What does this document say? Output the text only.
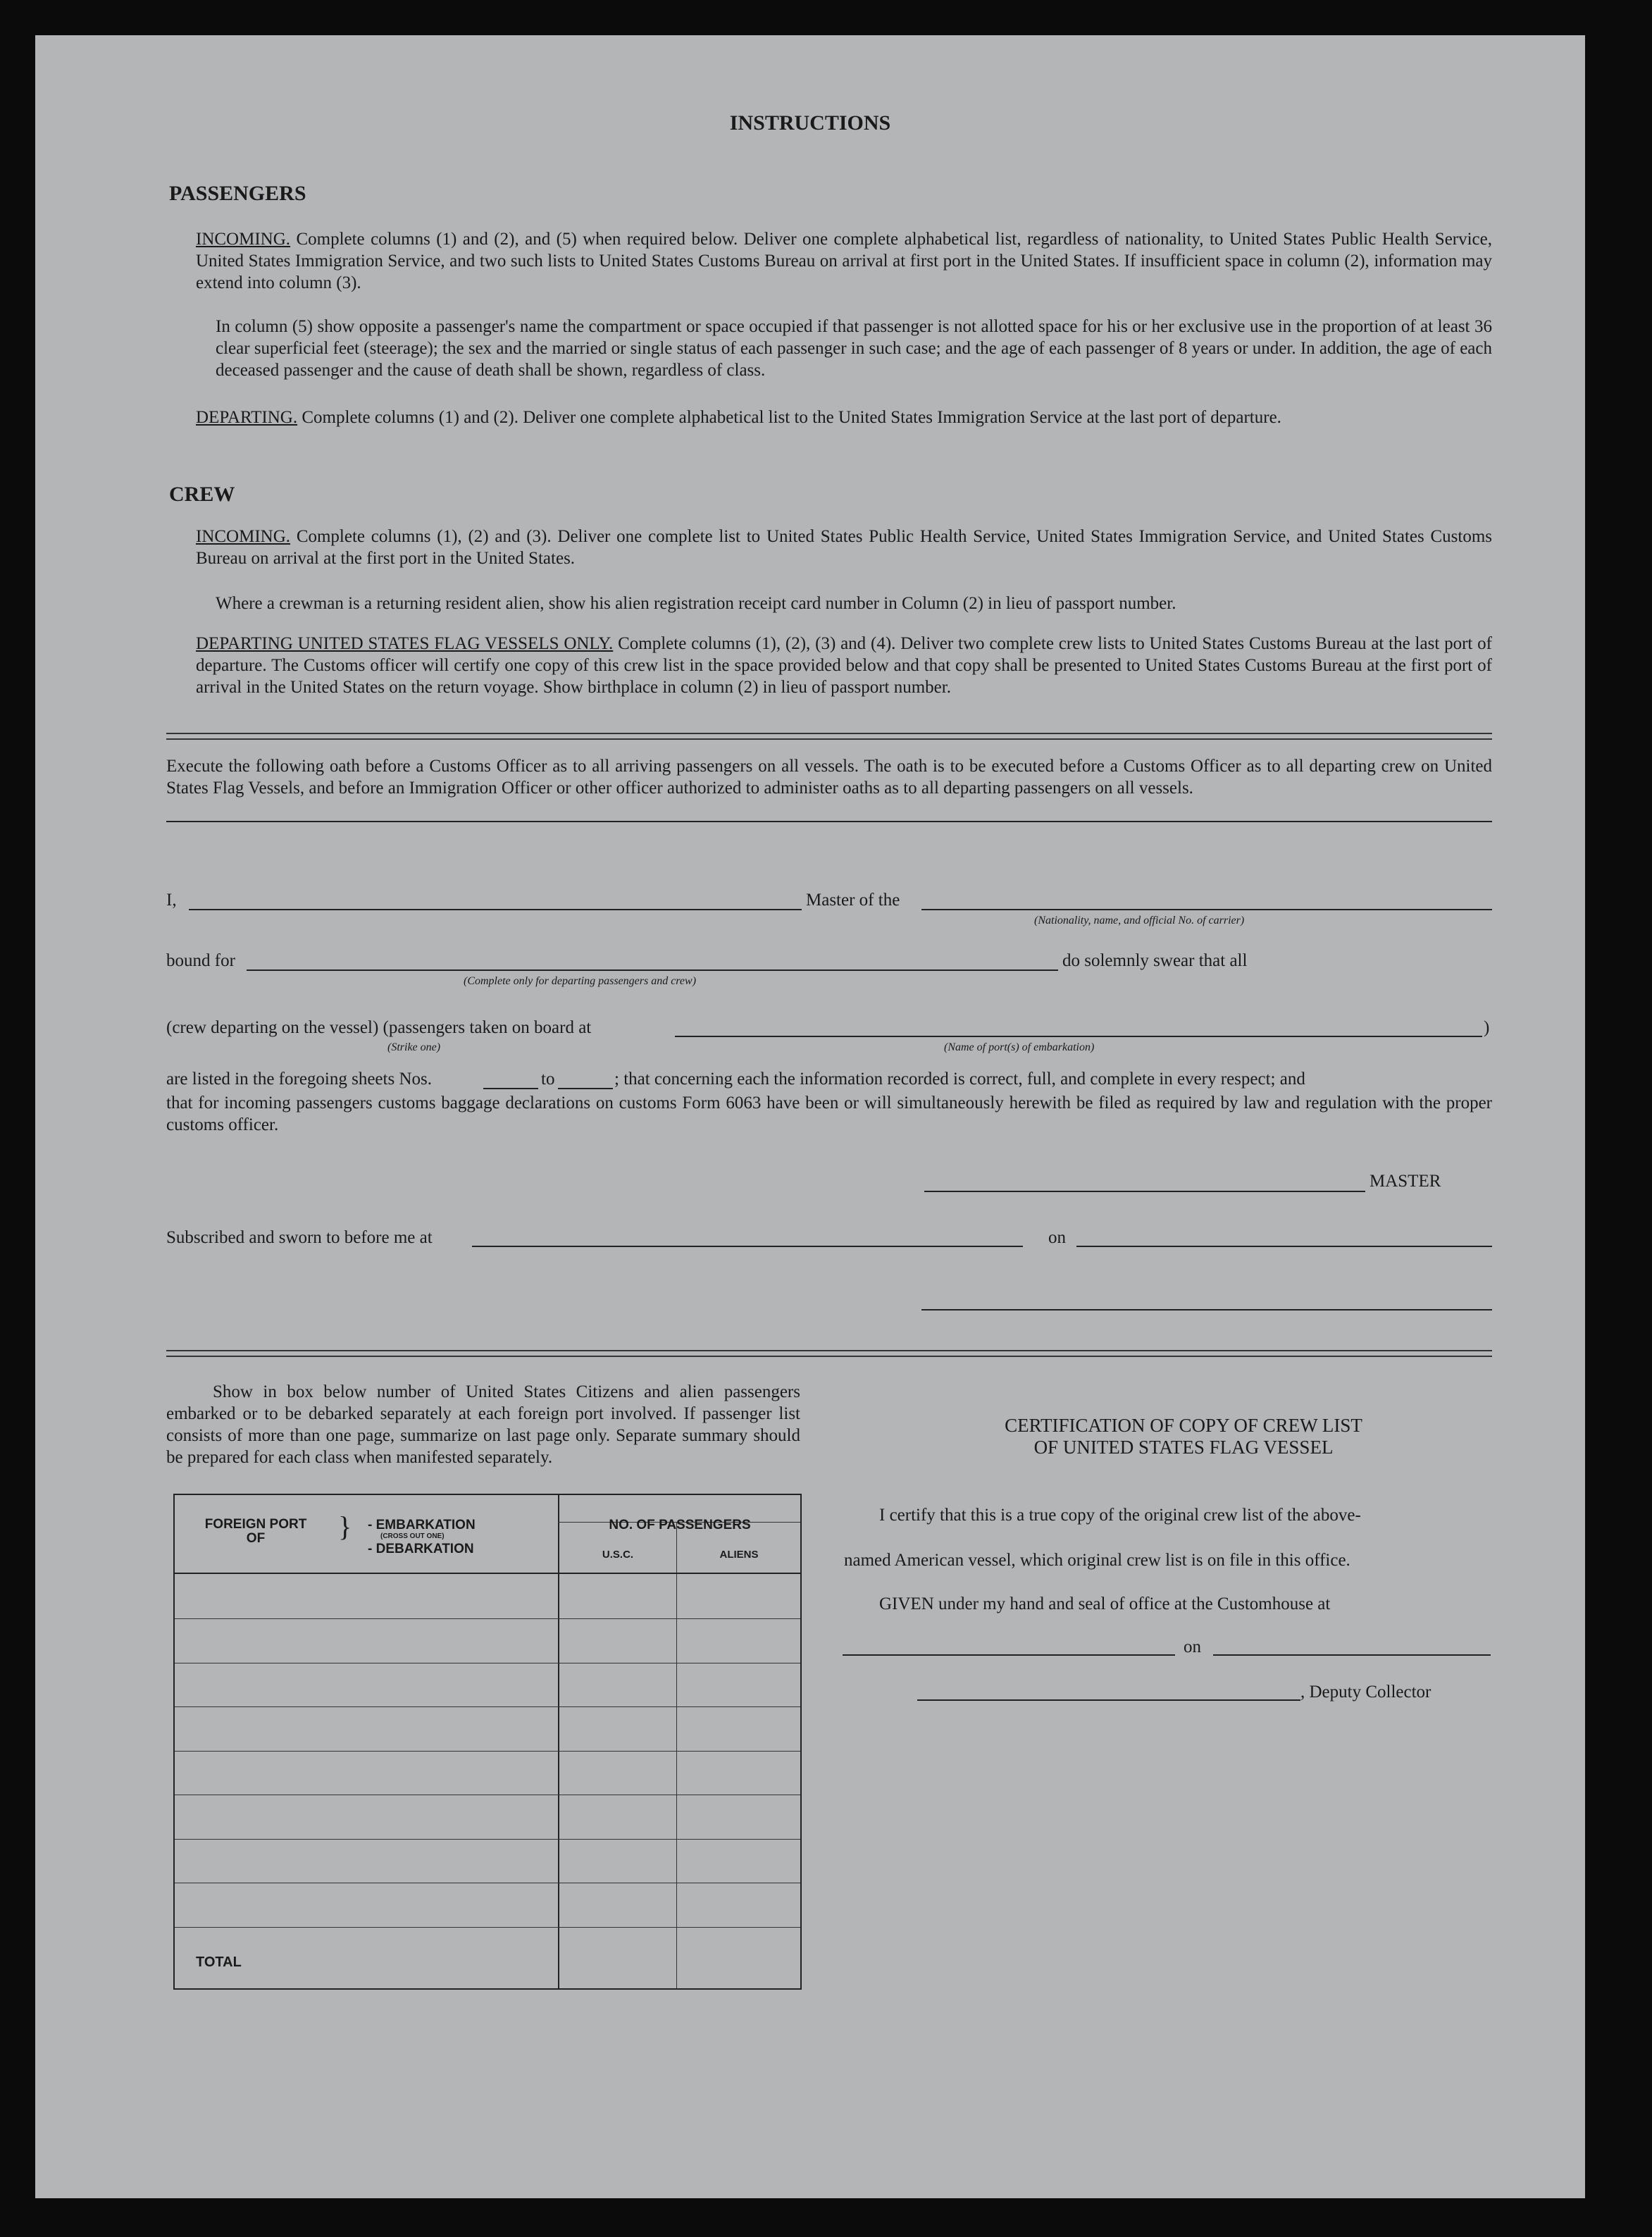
INSTRUCTIONS
PASSENGERS
INCOMING. Complete columns (1) and (2), and (5) when required below. Deliver one complete alphabetical list, regardless of nationality, to United States Public Health Service, United States Immigration Service, and two such lists to United States Customs Bureau on arrival at first port in the United States. If insufficient space in column (2), information may extend into column (3).
In column (5) show opposite a passenger's name the compartment or space occupied if that passenger is not allotted space for his or her exclusive use in the proportion of at least 36 clear superficial feet (steerage); the sex and the married or single status of each passenger in such case; and the age of each passenger of 8 years or under. In addition, the age of each deceased passenger and the cause of death shall be shown, regardless of class.
DEPARTING. Complete columns (1) and (2). Deliver one complete alphabetical list to the United States Immigration Service at the last port of departure.
CREW
INCOMING. Complete columns (1), (2) and (3). Deliver one complete list to United States Public Health Service, United States Immigration Service, and United States Customs Bureau on arrival at the first port in the United States.
Where a crewman is a returning resident alien, show his alien registration receipt card number in Column (2) in lieu of passport number.
DEPARTING UNITED STATES FLAG VESSELS ONLY. Complete columns (1), (2), (3) and (4). Deliver two complete crew lists to United States Customs Bureau at the last port of departure. The Customs officer will certify one copy of this crew list in the space provided below and that copy shall be presented to United States Customs Bureau at the first port of arrival in the United States on the return voyage. Show birthplace in column (2) in lieu of passport number.
Execute the following oath before a Customs Officer as to all arriving passengers on all vessels. The oath is to be executed before a Customs Officer as to all departing crew on United States Flag Vessels, and before an Immigration Officer or other officer authorized to administer oaths as to all departing passengers on all vessels.
I,	Master of the
(Nationality, name, and official No. of carrier)
bound for
(Complete only for departing passengers and crew)
do solemnly swear that all
(crew departing on the vessel) (passengers taken on board at	)
(Strike one)	(Name of port(s) of embarkation)
are listed in the foregoing sheets Nos.	to	; that concerning each the information recorded is correct, full, and complete in every respect; and
that for incoming passengers customs baggage declarations on customs Form 6063 have been or will simultaneously herewith be filed as required by law and regulation with the proper customs officer.
MASTER
Subscribed and sworn to before me at	on
Show in box below number of United States Citizens and alien passengers embarked or to be debarked separately at each foreign port involved. If passenger list consists of more than one page, summarize on last page only. Separate summary should be prepared for each class when manifested separately.
FOREIGN PORT OF	} - EMBARKATION
(CROSS OUT ONE)
- DEBARKATION
NO. OF PASSENGERS
U.S.C.	ALIENS
TOTAL
CERTIFICATION OF COPY OF CREW LIST
OF UNITED STATES FLAG VESSEL
I certify that this is a true copy of the original crew list of the above-
named American vessel, which original crew list is on file in this office.
GIVEN under my hand and seal of office at the Customhouse at
on
, Deputy Collector
